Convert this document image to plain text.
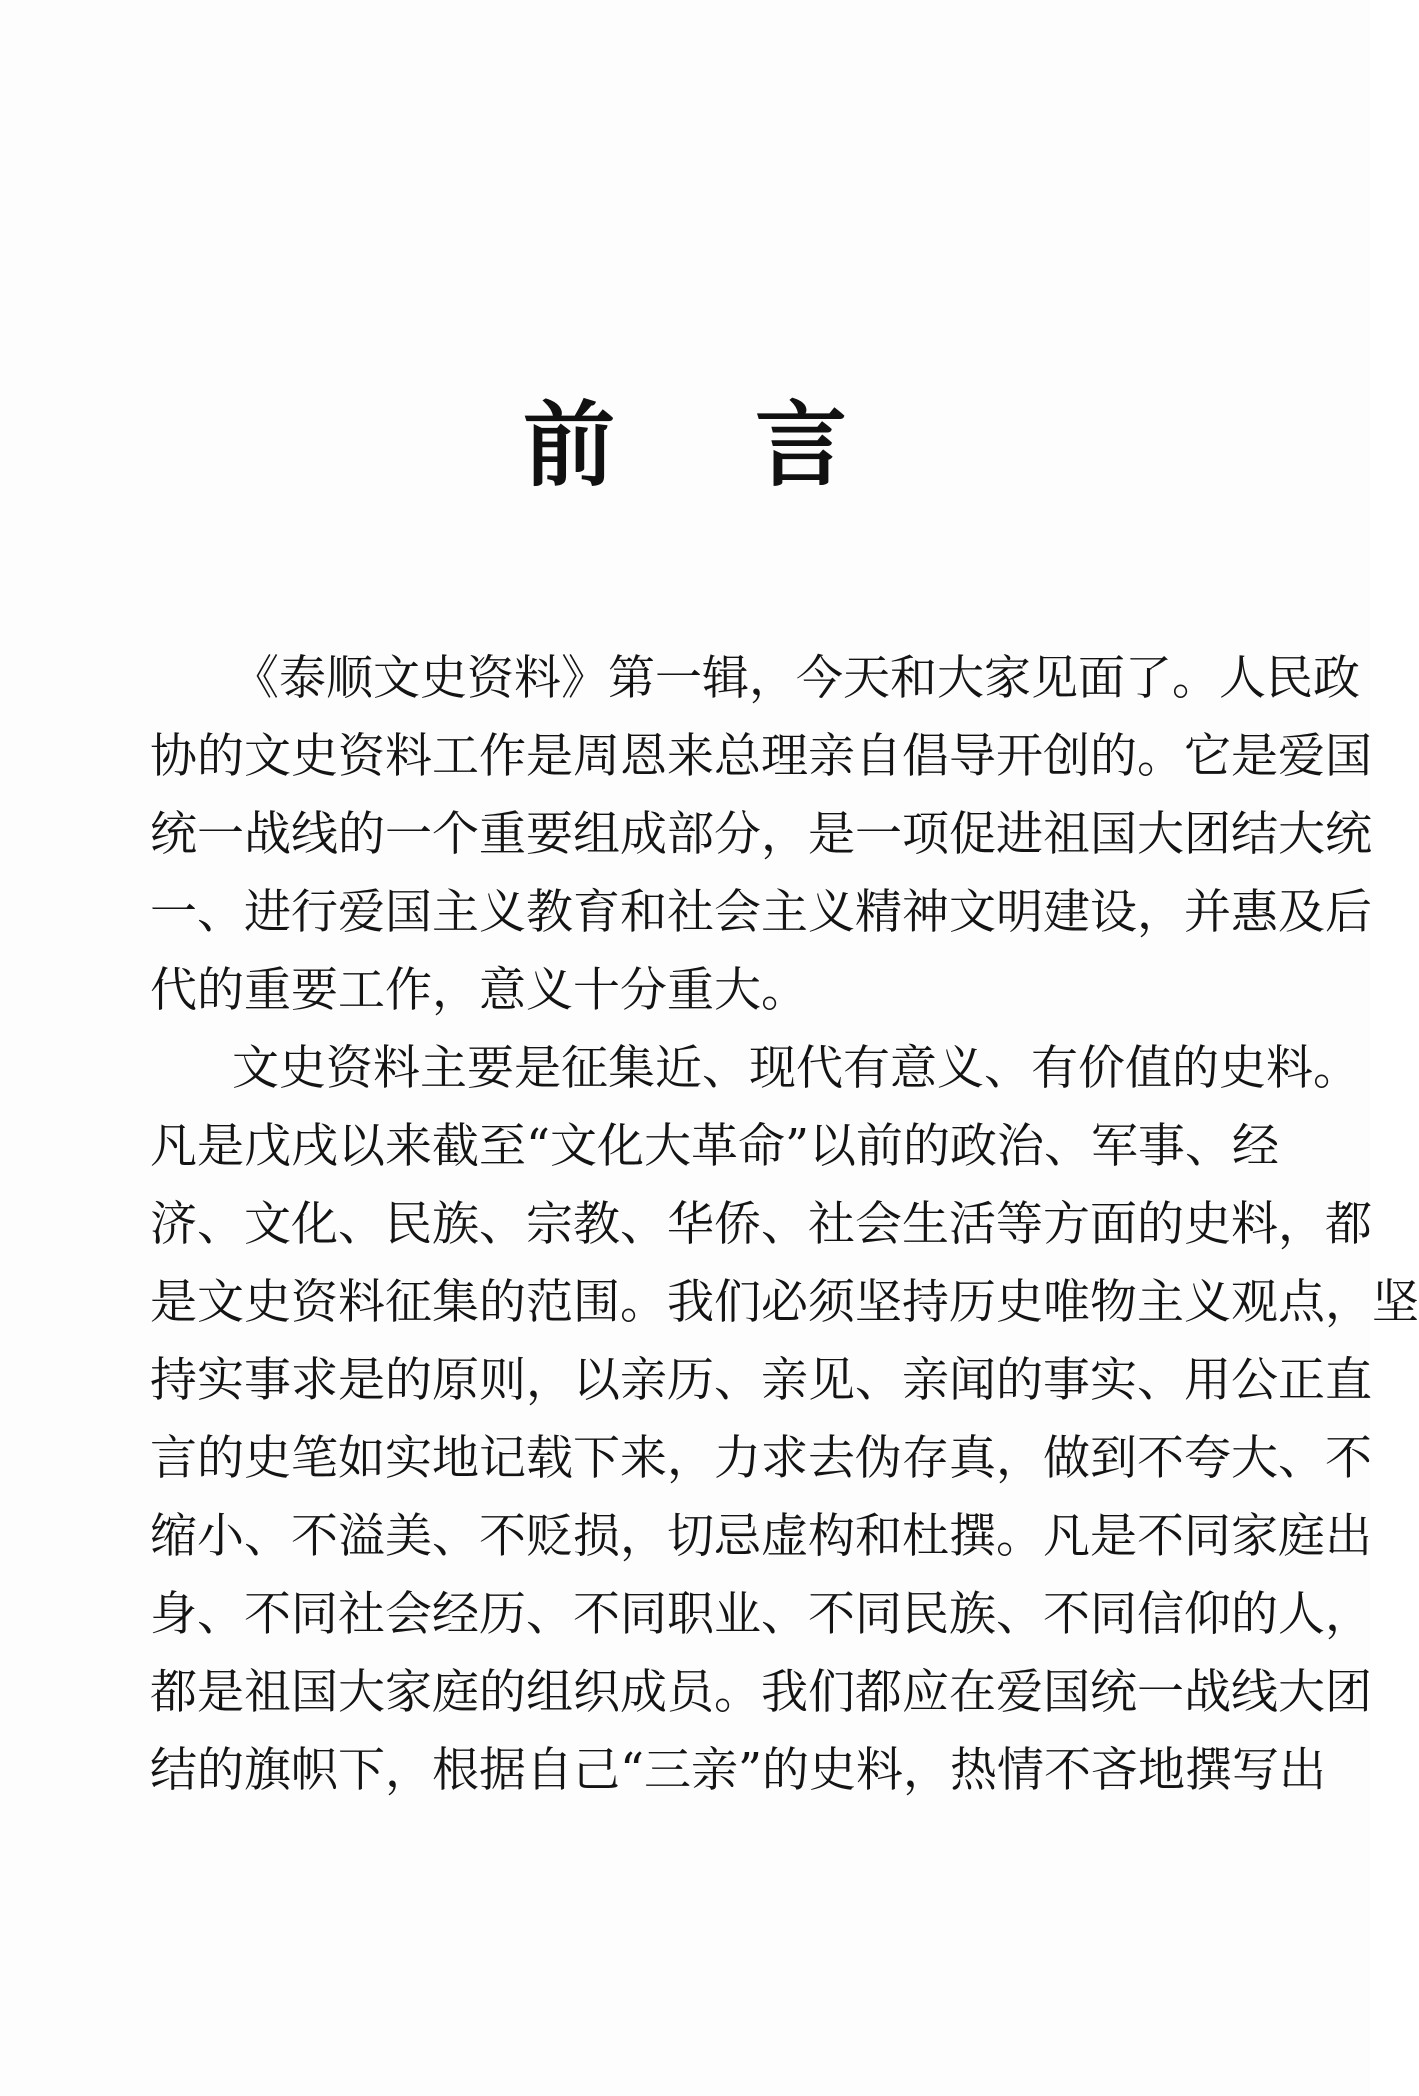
前 言
《泰顺文史资料》第一辑，今天和大家见面了。人民政
协的文史资料工作是周恩来总理亲自倡导开创的。它是爱国
统一战线的一个重要组成部分，是一项促进祖国大团结大统
一、进行爱国主义教育和社会主义精神文明建设，并惠及后
代的重要工作，意义十分重大。
文史资料主要是征集近、现代有意义、有价值的史料。
凡是戊戌以来截至“文化大革命”以前的政治、军事、经
济、文化、民族、宗教、华侨、社会生活等方面的史料，都
是文史资料征集的范围。我们必须坚持历史唯物主义观点，坚
持实事求是的原则，以亲历、亲见、亲闻的事实、用公正直
言的史笔如实地记载下来，力求去伪存真，做到不夸大、不
缩小、不溢美、不贬损，切忌虚构和杜撰。凡是不同家庭出
身、不同社会经历、不同职业、不同民族、不同信仰的人，
都是祖国大家庭的组织成员。我们都应在爱国统一战线大团
结的旗帜下，根据自己“三亲”的史料，热情不吝地撰写出
